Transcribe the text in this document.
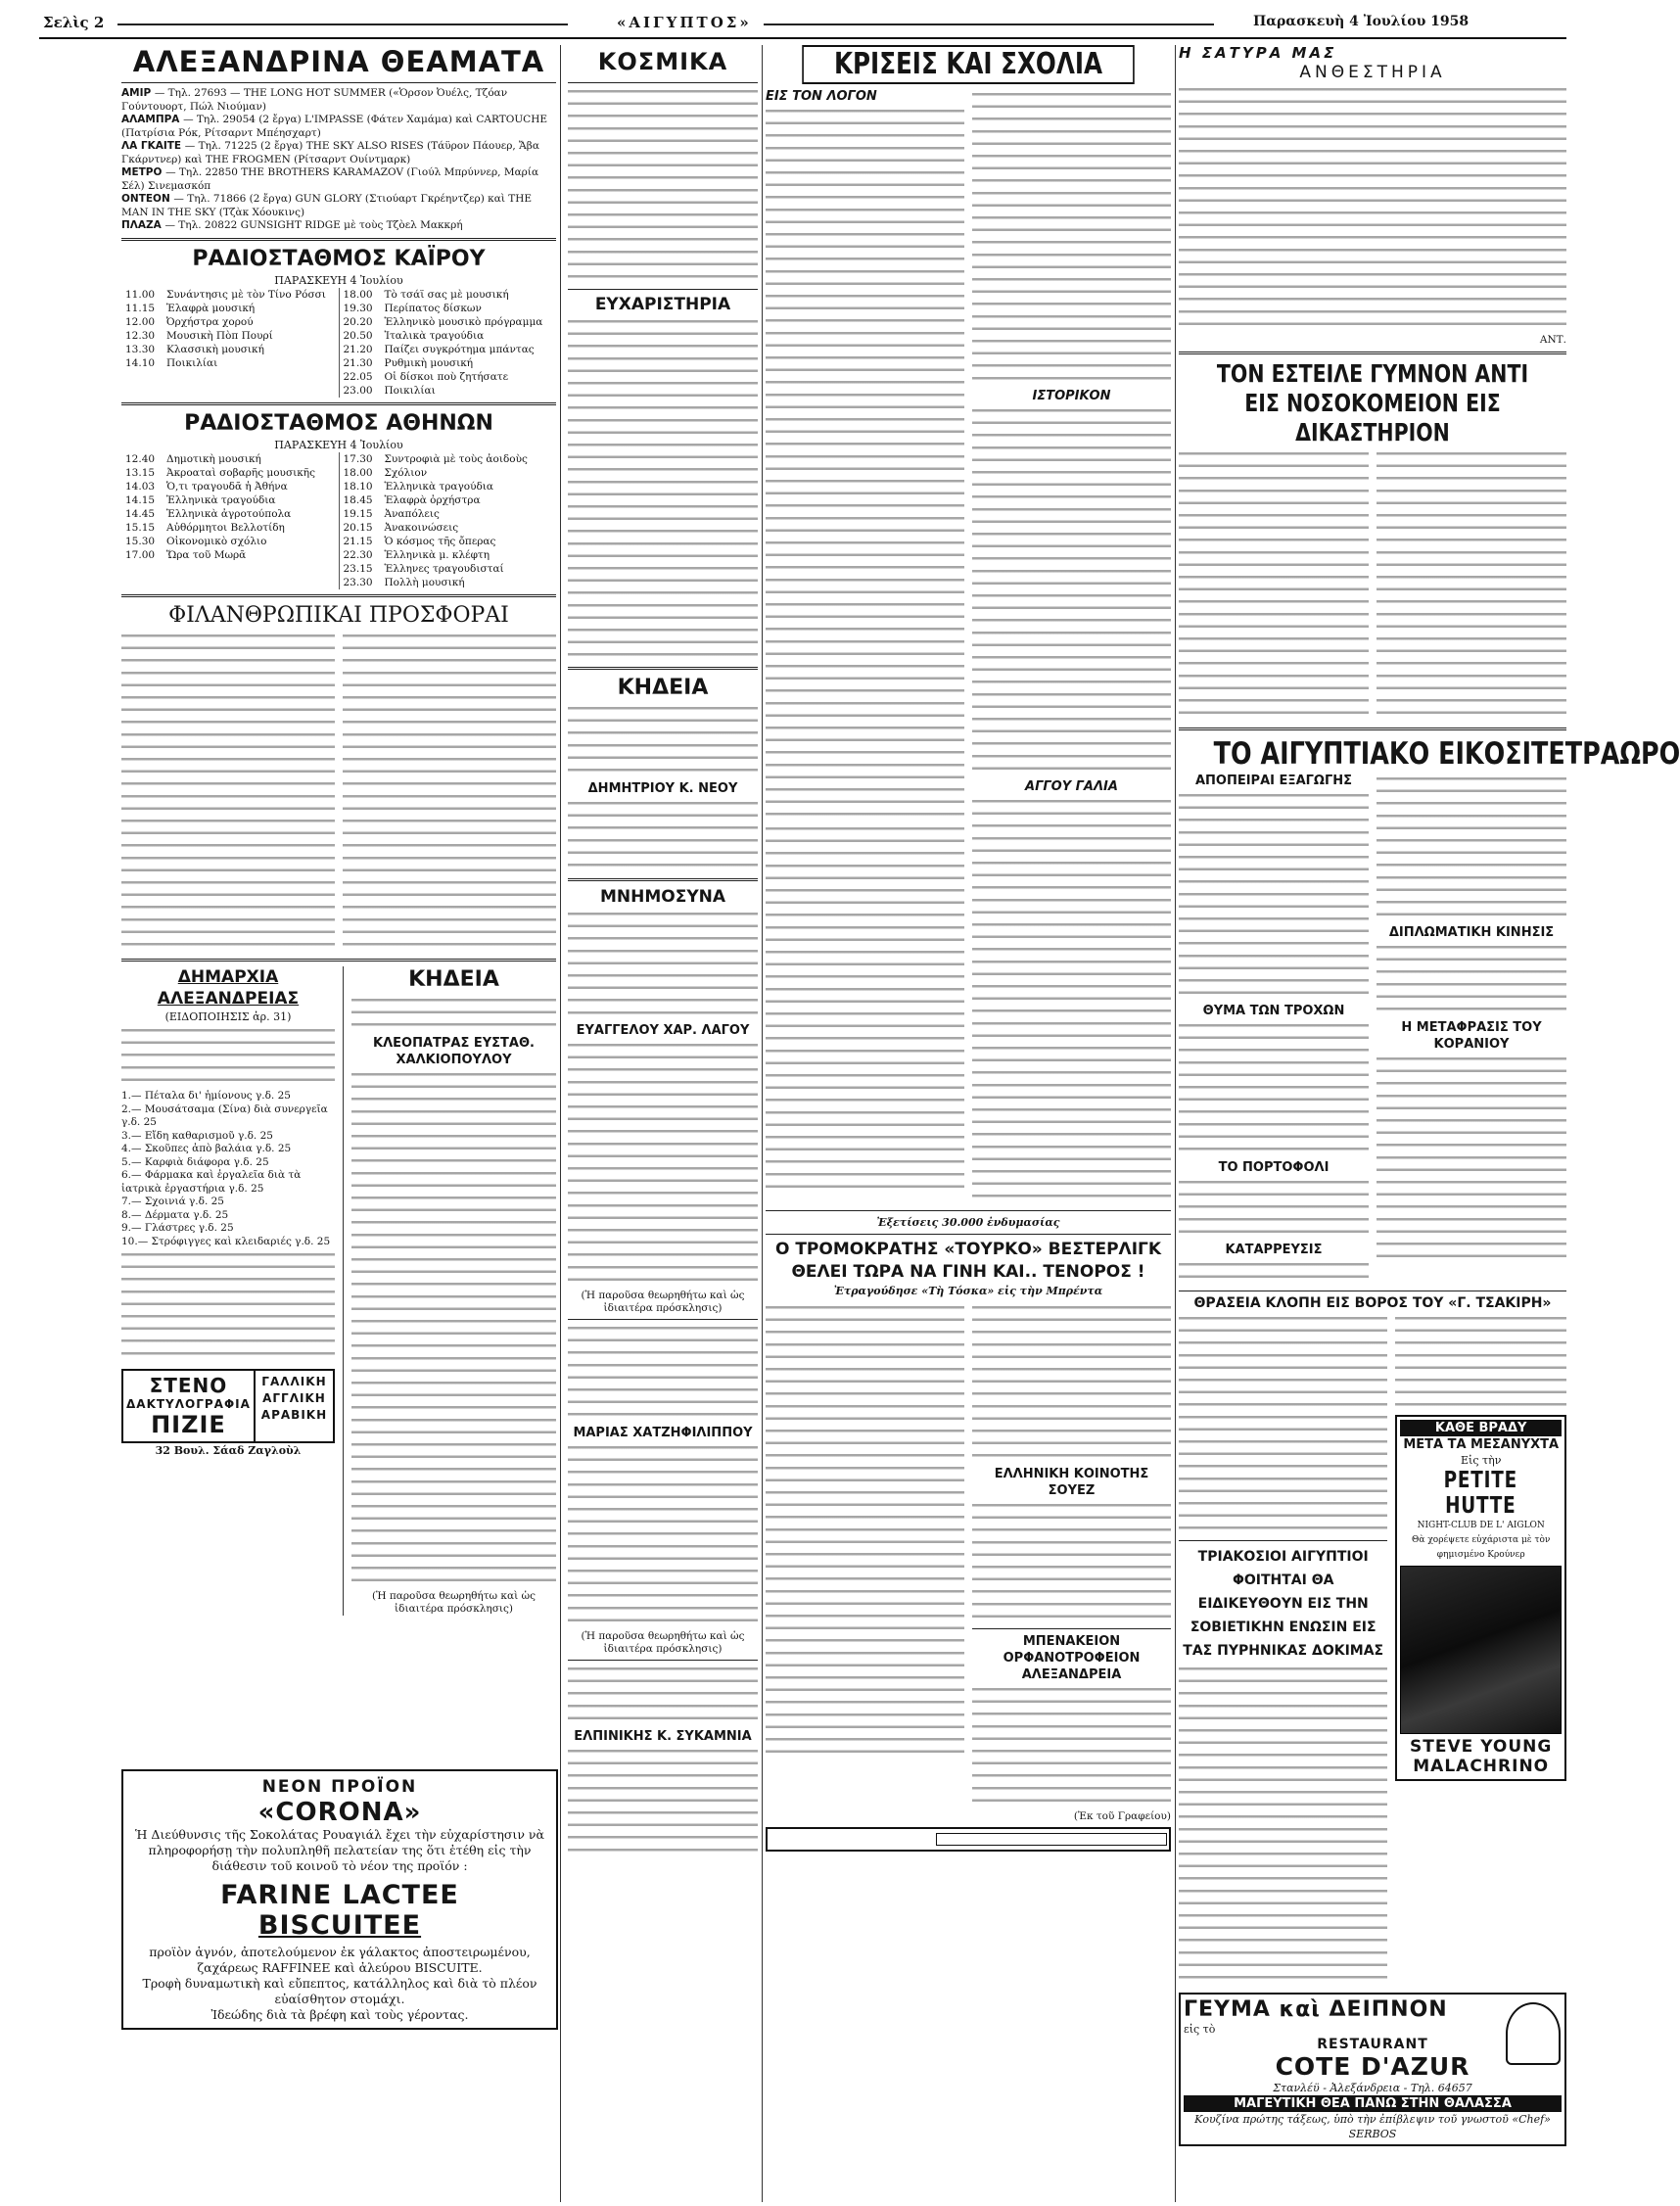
Σελὶς 2	«ΑΙΓΥΠΤΟΣ»	Παρασκευὴ 4 Ἰουλίου 1958
ΑΛΕΞΑΝΔΡΙΝΑ ΘΕΑΜΑΤΑ
ΑΜΙΡ — Τηλ. 27693 — THE LONG HOT SUMMER («Ὁρσον Ὀυέλς, Τζόαν Γούντουορτ, Πώλ Νιούμαν)
ΑΛΑΜΠΡΑ — Τηλ. 29054 (2 ἔργα) L'IMPASSE (Φάτεν Χαμάμα) καὶ CARTOUCHE (Πατρίσια Ρόκ, Ρίτσαρντ Μπέησχαρτ)
ΛΑ ΓΚΑΙΤΕ — Τηλ. 71225 (2 ἔργα) THE SKY ALSO RISES (Τάϋρον Πάουερ, Ἄβα Γκάρντνερ) καὶ THE FROGMEN (Ρίτσαρντ Ουίντμαρκ)
ΜΕΤΡΟ — Τηλ. 22850 THE BROTHERS KARAMAZOV (Γιούλ Μπρύννερ, Μαρία Σέλ) Σινεμασκόπ
ΟΝΤΕΟΝ — Τηλ. 71866 (2 ἔργα) GUN GLORY (Στιούαρτ Γκρέηντζερ) καὶ THE MAN IN THE SKY (Τζὰκ Χόουκινς)
ΠΛΑΖΑ — Τηλ. 20822 GUNSIGHT RIDGE μὲ τοὺς Τζὸελ Μακκρή
ΡΑΔΙΟΣΤΑΘΜΟΣ ΚΑΪΡΟΥ
ΠΑΡΑΣΚΕΥΗ 4 Ἰουλίου
11.00	Συνάντησις μὲ τὸν Τίνο Ρόσσι
11.15	Ἑλαφρὰ μουσική
12.00	Ὀρχήστρα χορού
12.30	Μουσικὴ Πὸπ Πουρί
13.30	Κλασσικὴ μουσική
14.10	Ποικιλίαι

18.00	Τὸ τσάϊ σας μὲ μουσική
19.30	Περίπατος δίσκων
20.20	Ἑλληνικὸ μουσικὸ πρόγραμμα
20.50	Ἰταλικὰ τραγούδια
21.20	Παίζει συγκρότημα μπάντας
21.30	Ρυθμικὴ μουσική
22.05	Οἱ δίσκοι ποὺ ζητήσατε
23.00	Ποικιλίαι
ΡΑΔΙΟΣΤΑΘΜΟΣ ΑΘΗΝΩΝ
ΠΑΡΑΣΚΕΥΗ 4 Ἰουλίου
12.40	Δημοτικὴ μουσική
13.15	Ἀκροαταὶ σοβαρῆς μουσικῆς
14.03	Ὁ,τι τραγουδᾶ ἡ Ἀθήνα
14.15	Ἑλληνικὰ τραγούδια
14.45	Ἑλληνικὰ ἀγροτούπολα
15.15	Αὐθόρμητοι Βελλοτίδη
15.30	Οἰκονομικὸ σχόλιο
17.00	Ὥρα τοῦ Μωρᾶ

17.30	Συντροφιὰ μὲ τοὺς ἀοιδοὺς
18.00	Σχόλιον
18.10	Ἑλληνικὰ τραγούδια
18.45	Ἐλαφρὰ ὀρχήστρα
19.15	Ἀναπόλεις
20.15	Ἀνακοινώσεις
21.15	Ὁ κόσμος τῆς ὄπερας
22.30	Ἑλληνικὰ μ. κλέφτη
23.15	Ἑλληνες τραγουδισταί
23.30	Πολλὴ μουσική
ΦΙΛΑΝΘΡΩΠΙΚΑΙ ΠΡΟΣΦΟΡΑΙ
ΔΗΜΑΡΧΙΑ ΑΛΕΞΑΝΔΡΕΙΑΣ
(ΕΙΔΟΠΟΙΗΣΙΣ ἀρ. 31)
1.— Πέταλα δι' ἡμίονους γ.δ. 25
2.— Μουσάτσαμα (Σίνα) διὰ συνεργεῖα γ.δ. 25
3.— Εἴδη καθαρισμοῦ γ.δ. 25
4.— Σκοῦπες ἀπὸ βαλάια γ.δ. 25
5.— Καρφιὰ διάφορα γ.δ. 25
6.— Φάρμακα καὶ ἐργαλεῖα διὰ τὰ ἰατρικὰ ἐργαστήρια γ.δ. 25
7.— Σχοινιά γ.δ. 25
8.— Δέρματα γ.δ. 25
9.— Γλάστρες γ.δ. 25
10.— Στρόφιγγες καὶ κλειδαριές γ.δ. 25
ΣΤΕΝΟ
ΔΑΚΤΥΛΟΓΡΑΦΙΑ
ΠΙΖΙΕ
ΓΑΛΛΙΚΗ
ΑΓΓΛΙΚΗ
ΑΡΑΒΙΚΗ
32 Βουλ. Σάαδ Ζαγλοὺλ
ΚΗΔΕΙΑ
ΚΛΕΟΠΑΤΡΑΣ ΕΥΣΤΑΘ. ΧΑΛΚΙΟΠΟΥΛΟΥ
(Ἡ παροῦσα θεωρηθήτω καὶ ὡς ἰδιαιτέρα πρόσκλησις)
ΚΟΣΜΙΚΑ
ΕΥΧΑΡΙΣΤΗΡΙΑ
ΚΗΔΕΙΑ
ΔΗΜΗΤΡΙΟΥ Κ. ΝΕΟΥ
ΜΝΗΜΟΣΥΝΑ
ΕΥΑΓΓΕΛΟΥ ΧΑΡ. ΛΑΓΟΥ
(Ἡ παροῦσα θεωρηθήτω καὶ ὡς ἰδιαιτέρα πρόσκλησις)
ΜΑΡΙΑΣ ΧΑΤΖΗΦΙΛΙΠΠΟΥ
(Ἡ παροῦσα θεωρηθήτω καὶ ὡς ἰδιαιτέρα πρόσκλησις)
ΕΛΠΙΝΙΚΗΣ Κ. ΣΥΚΑΜΝΙΑ
ΚΡΙΣΕΙΣ ΚΑΙ ΣΧΟΛΙΑ
ΕΙΣ ΤΟΝ ΛΟΓΟΝ
ΙΣΤΟΡΙΚΟΝ
ΑΓΓΟΥ ΓΑΛΙΑ
Ἐξετίσεις 30.000 ἐνδυμασίας
Ο ΤΡΟΜΟΚΡΑΤΗΣ «ΤΟΥΡΚΟ» ΒΕΣΤΕΡΛΙΓΚ ΘΕΛΕΙ ΤΩΡΑ ΝΑ ΓΙΝΗ ΚΑΙ.. ΤΕΝΟΡΟΣ !
Ἐτραγούδησε «Τὴ Τόσκα» εἰς τὴν Μπρέντα
ΕΛΛΗΝΙΚΗ ΚΟΙΝΟΤΗΣ ΣΟΥΕΖ
ΜΠΕΝΑΚΕΙΟΝ ΟΡΦΑΝΟΤΡΟΦΕΙΟΝ ΑΛΕΞΑΝΔΡΕΙΑ
(Ἐκ τοῦ Γραφείου)

Η ΣΑΤΥΡΑ ΜΑΣ
ΑΝΘΕΣΤΗΡΙΑ
ΑΝΤ.
ΤΟΝ ΕΣΤΕΙΛΕ ΓΥΜΝΟΝ ΑΝΤΙ ΕΙΣ ΝΟΣΟΚΟΜΕΙΟΝ ΕΙΣ ΔΙΚΑΣΤΗΡΙΟΝ
ΤΟ ΑΙΓΥΠΤΙΑΚΟ ΕΙΚΟΣΙΤΕΤΡΑΩΡΟ
ΑΠΟΠΕΙΡΑΙ ΕΞΑΓΩΓΗΣ
ΘΥΜΑ ΤΩΝ ΤΡΟΧΩΝ
ΤΟ ΠΟΡΤΟΦΟΛΙ
ΚΑΤΑΡΡΕΥΣΙΣ
ΔΙΠΛΩΜΑΤΙΚΗ ΚΙΝΗΣΙΣ
Η ΜΕΤΑΦΡΑΣΙΣ ΤΟΥ ΚΟΡΑΝΙΟΥ
ΘΡΑΣΕΙΑ ΚΛΟΠΗ ΕΙΣ ΒΟΡΟΣ ΤΟΥ «Γ. ΤΣΑΚΙΡΗ»
ΤΡΙΑΚΟΣΙΟΙ ΑΙΓΥΠΤΙΟΙ ΦΟΙΤΗΤΑΙ ΘΑ ΕΙΔΙΚΕΥΘΟΥΝ ΕΙΣ ΤΗΝ ΣΟΒΙΕΤΙΚΗΝ ΕΝΩΣΙΝ ΕΙΣ ΤΑΣ ΠΥΡΗΝΙΚΑΣ ΔΟΚΙΜΑΣ
ΚΑΘΕ ΒΡΑΔΥ
ΜΕΤΑ ΤΑ ΜΕΣΑΝΥΧΤΑ
Εἰς τὴν
PETITE HUTTE
NIGHT-CLUB DE L' AIGLON
Θὰ χορέψετε εὐχάριστα μὲ τὸν φημισμένο Κρούνερ
STEVE YOUNG
MALACHRINO
ΓΕΥΜΑ καὶ ΔΕΙΠΝΟΝ
εἰς τὸ
RESTAURANT
COTE D'AZUR
Στανλέϋ - Ἀλεξάνδρεια - Τηλ. 64657
ΜΑΓΕΥΤΙΚΗ ΘΕΑ ΠΑΝΩ ΣΤΗΝ ΘΑΛΑΣΣΑ
Κουζίνα πρώτης τάξεως, ὑπὸ τὴν ἐπίβλεψιν τοῦ γνωστοῦ «Chef» SERBOS
ΝΕΟΝ ΠΡΟΪΟΝ
«CORONA»
Ἡ Διεύθυνσις τῆς Σοκολάτας Ρουαγιάλ ἔχει τὴν εὐχαρίστησιν νὰ πληροφορήσῃ τὴν πολυπληθῆ πελατείαν της ὅτι ἐτέθη εἰς τὴν διάθεσιν τοῦ κοινοῦ τὸ νέον της προϊόν :
FARINE LACTEE
BISCUITEE
προϊὸν ἁγνόν, ἀποτελούμενον ἐκ γάλακτος ἀποστειρωμένου, ζαχάρεως RAFFINEE καὶ ἀλεύρου BISCUITE.
Τροφὴ δυναμωτικὴ καὶ εὔπεπτος, κατάλληλος καὶ διὰ τὸ πλέον εὐαίσθητον στομάχι.
Ἰδεώδης διὰ τὰ βρέφη καὶ τοὺς γέροντας.
